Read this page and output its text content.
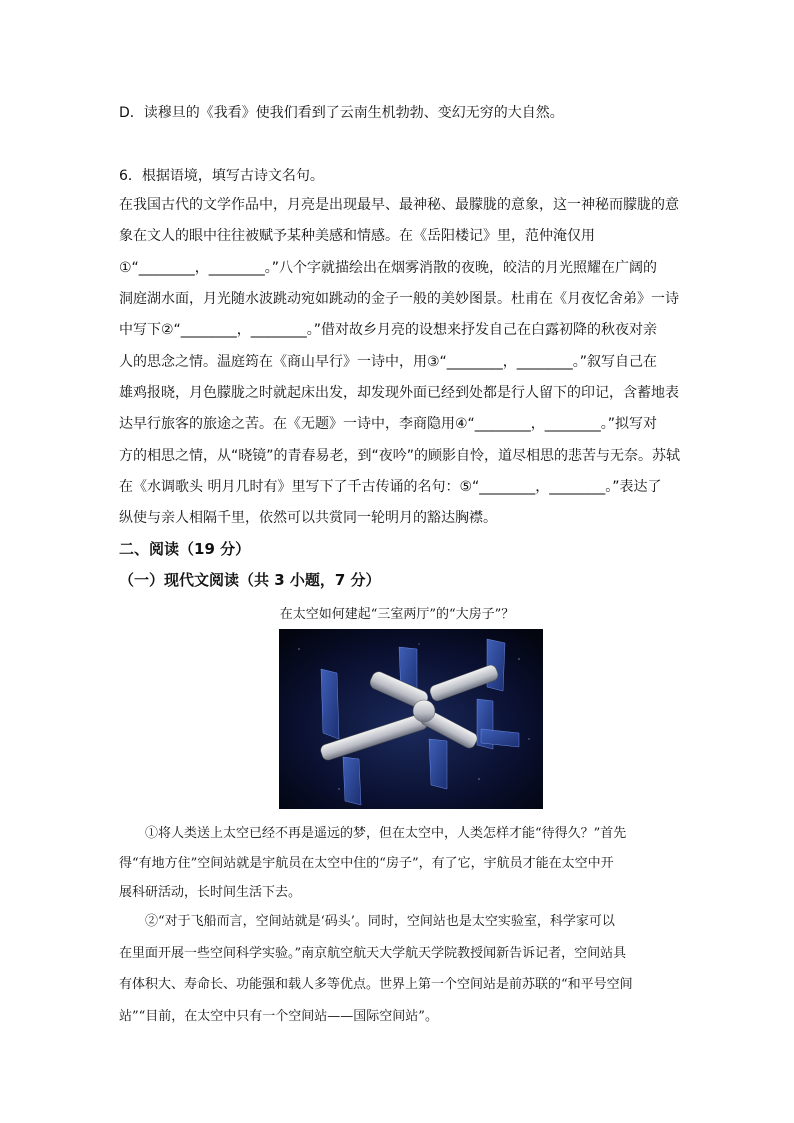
D．读穆旦的《我看》使我们看到了云南生机勃勃、变幻无穷的大自然。
6．根据语境，填写古诗文名句。
在我国古代的文学作品中，月亮是出现最早、最神秘、最朦胧的意象，这一神秘而朦胧的意
象在文人的眼中往往被赋予某种美感和情感。在《岳阳楼记》里，范仲淹仅用
①“________，________。”八个字就描绘出在烟雾消散的夜晚，皎洁的月光照耀在广阔的
洞庭湖水面，月光随水波跳动宛如跳动的金子一般的美妙图景。杜甫在《月夜忆舍弟》一诗
中写下②“________，________。”借对故乡月亮的设想来抒发自己在白露初降的秋夜对亲
人的思念之情。温庭筠在《商山早行》一诗中，用③“________，________。”叙写自己在
雄鸡报晓，月色朦胧之时就起床出发，却发现外面已经到处都是行人留下的印记，含蓄地表
达早行旅客的旅途之苦。在《无题》一诗中，李商隐用④“________，________。”拟写对
方的相思之情，从“晓镜”的青春易老，到“夜吟”的顾影自怜，道尽相思的悲苦与无奈。苏轼
在《水调歌头 明月几时有》里写下了千古传诵的名句：⑤“________，________。”表达了
纵使与亲人相隔千里，依然可以共赏同一轮明月的豁达胸襟。
二、阅读（19 分）
（一）现代文阅读（共 3 小题，7 分）
在太空如何建起“三室两厅”的“大房子”？
　　①将人类送上太空已经不再是遥远的梦，但在太空中，人类怎样才能“待得久？”首先
得“有地方住”空间站就是宇航员在太空中住的“房子”，有了它，宇航员才能在太空中开
展科研活动，长时间生活下去。
　　②“对于飞船而言，空间站就是‘码头’。同时，空间站也是太空实验室，科学家可以
在里面开展一些空间科学实验。”南京航空航天大学航天学院教授闻新告诉记者，空间站具
有体积大、寿命长、功能强和载人多等优点。世界上第一个空间站是前苏联的“和平号空间
站”“目前，在太空中只有一个空间站——国际空间站”。
